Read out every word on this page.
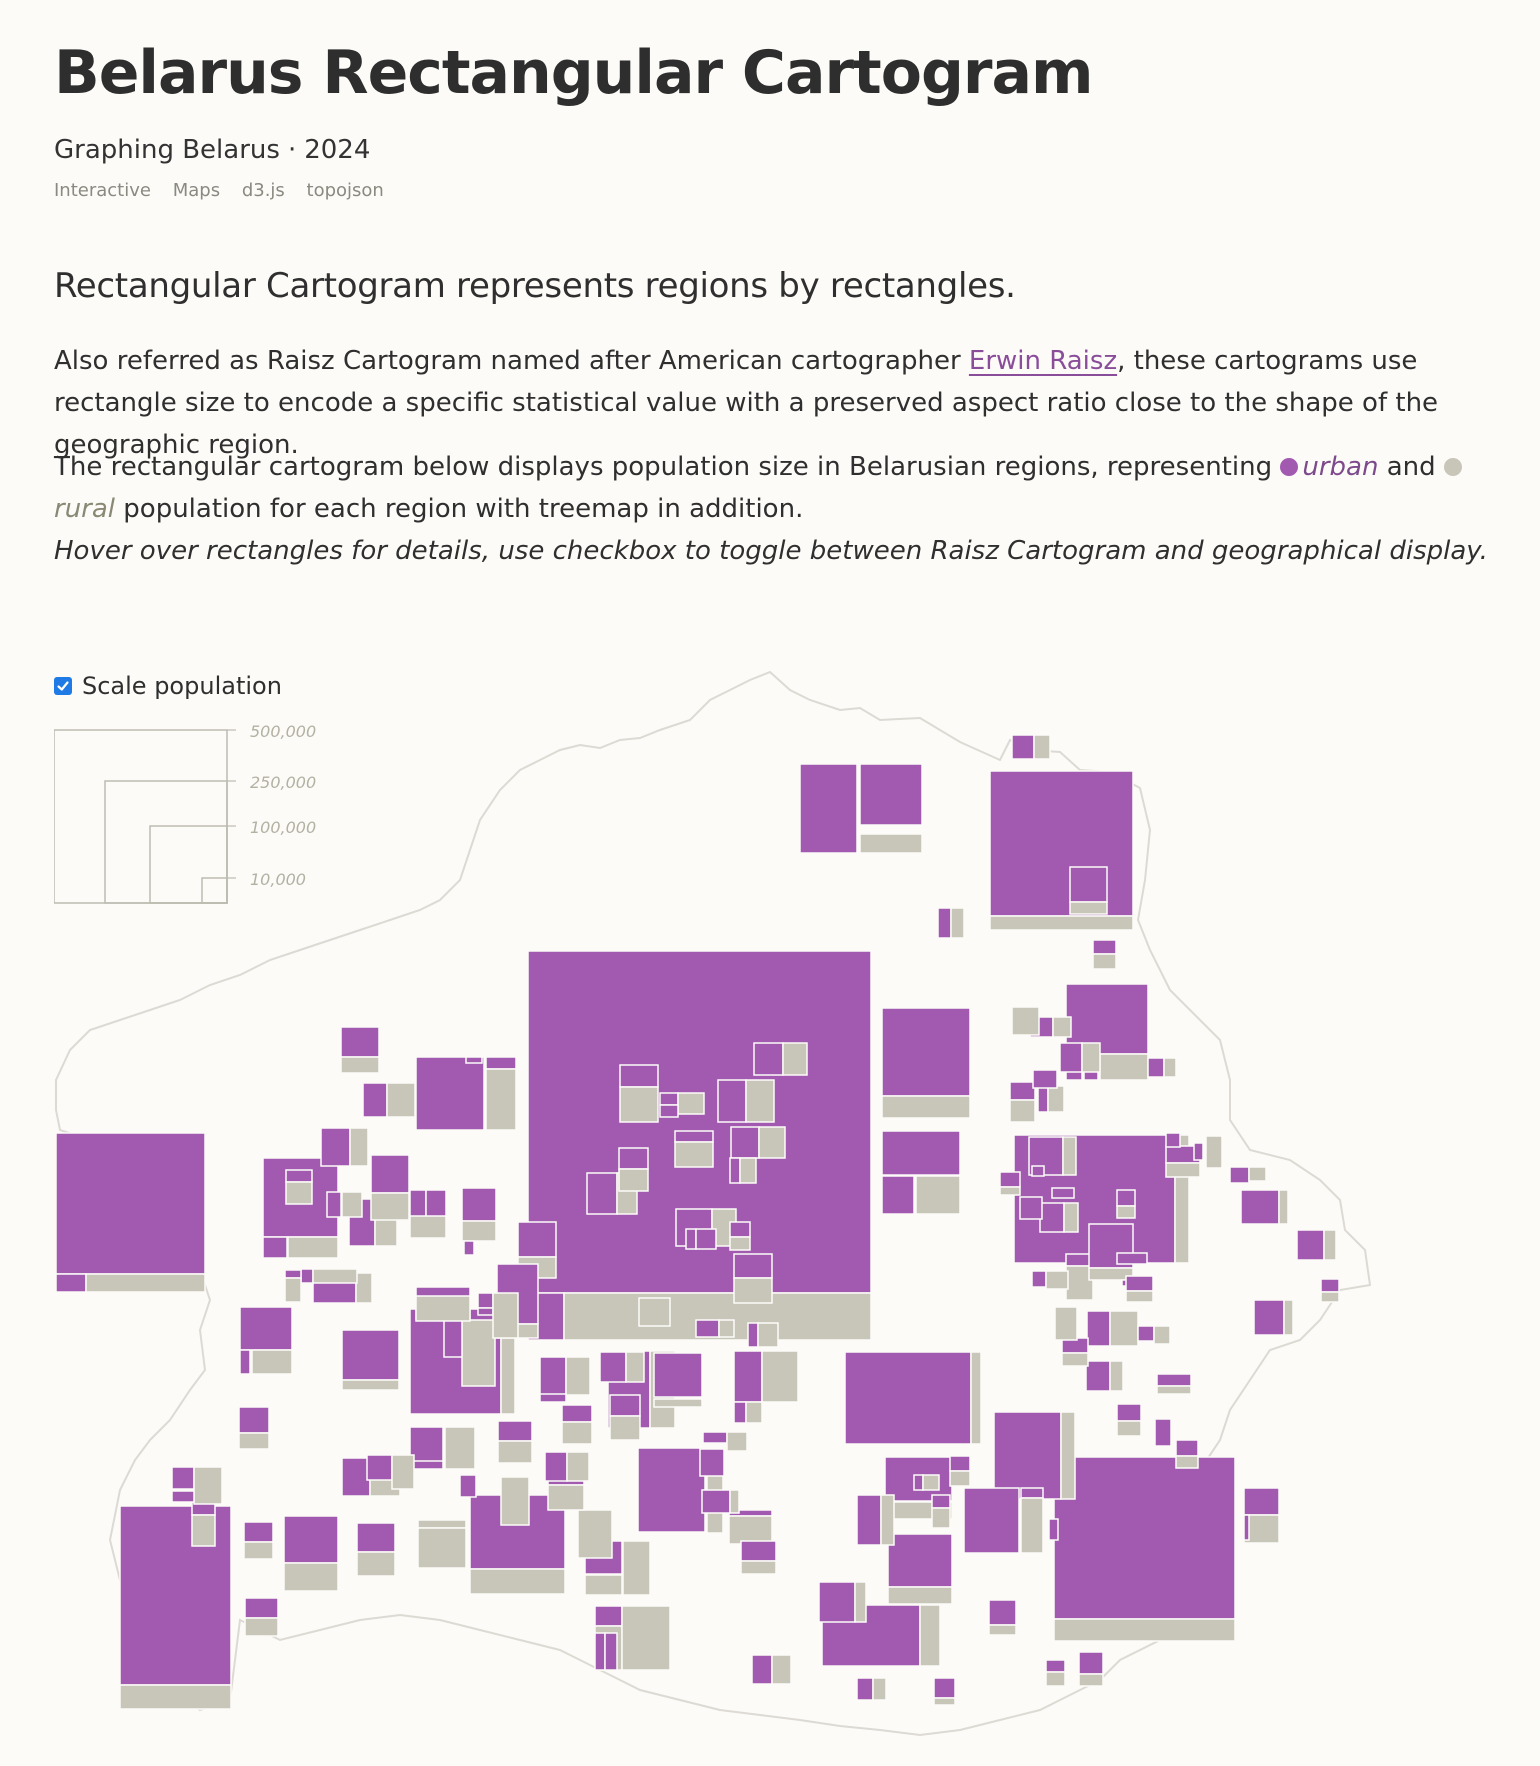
Belarus Rectangular Cartogram
Graphing Belarus · 2024
Interactive Maps d3.js topojson
Rectangular Cartogram represents regions by rectangles.

Also referred as Raisz Cartogram named after American cartographer Erwin Raisz, these cartograms use rectangle size to encode a specific statistical value with a preserved aspect ratio close to the shape of the geographic region.

The rectangular cartogram below displays population size in Belarusian regions, representing urban and rural population for each region with treemap in addition.

Hover over rectangles for details, use checkbox to toggle between Raisz Cartogram and geographical display.

Scale population
500,000
250,000
100,000
10,000
